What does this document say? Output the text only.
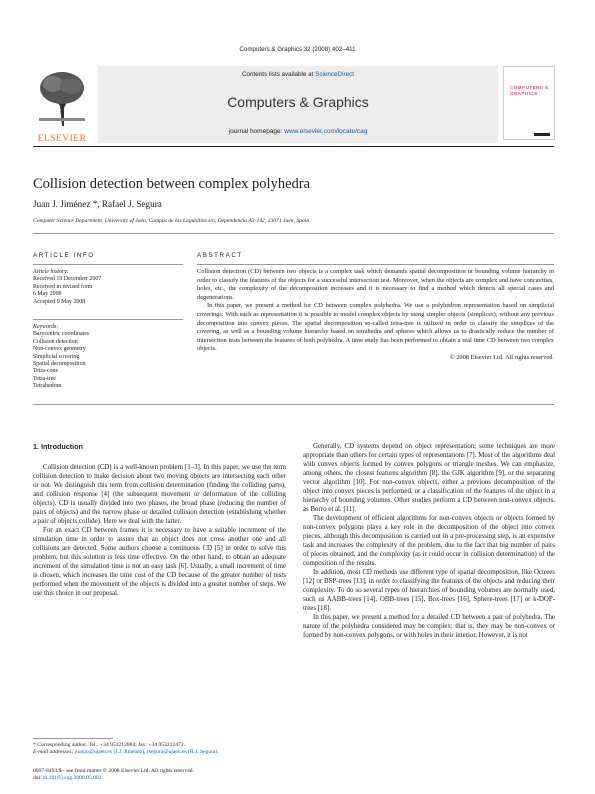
Computers & Graphics 32 (2008) 402–411
ELSEVIER
Contents lists available at ScienceDirect
Computers & Graphics
journal homepage: www.elsevier.com/locate/cag
COMPUTERS & GRAPHICS
Collision detection between complex polyhedra
Juan J. Jiménez *, Rafael J. Segura
Computer Science Department, University of Jaén, Campus de las Lagunillas s/n, Dependencia A3-142, 23071 Jaén, Spain
ARTICLE INFO
Article history:
Received 19 December 2007
Received in revised form
6 May 2008
Accepted 9 May 2008
Keywords:
Barycentric coordinates
Collision detection
Non-convex geometry
Simplicial covering
Spatial decomposition
Tetra-cone
Tetra-tree
Tetrahedron
ABSTRACT

Collision detection (CD) between two objects is a complex task which demands spatial decomposition or bounding volume hierarchy in order to classify the features of the objects for a successful intersection test. Moreover, when the objects are complex and have concavities, holes, etc., the complexity of the decomposition increases and it is necessary to find a method which detects all special cases and degenerations.

In this paper, we present a method for CD between complex polyhedra. We use a polyhedron representation based on simplicial coverings. With such as representation it is possible to model complex objects by using simpler objects (simplices), without any previous decomposition into convex pieces. The spatial decomposition so-called tetra-tree is utilized in order to classify the simplices of the covering, as well as a bounding volume hierarchy based on tetrahedra and spheres which allows us to drastically reduce the number of intersection tests between the features of both polyhedra. A time study has been performed to obtain a real time CD between two complex objects.

© 2008 Elsevier Ltd. All rights reserved.

1. Introduction

Collision detection (CD) is a well-known problem [1–3]. In this paper, we use the term collision detection to make decision about two moving objects are intersecting each other or not. We distinguish this term from collision determination (finding the colliding parts), and collision response [4] (the subsequent movement or deformation of the colliding objects). CD is usually divided into two phases, the broad phase (reducing the number of pairs of objects) and the narrow phase or detailed collision detection (establishing whether a pair of objects collide). Here we deal with the latter.

For an exact CD between frames it is necessary to have a suitable increment of the simulation time in order to assure that an object does not cross another one and all collisions are detected. Some authors choose a continuous CD [5] in order to solve this problem, but this solution is less time effective. On the other hand, to obtain an adequate increment of the simulation time is not an easy task [6]. Usually, a small increment of time is chosen, which increases the time cost of the CD because of the greater number of tests performed when the movement of the objects is divided into a greater number of steps. We use this choice in our proposal.

Generally, CD systems depend on object representation; some techniques are more appropriate than others for certain types of representations [7]. Most of the algorithms deal with convex objects formed by convex polygons or triangle meshes. We can emphasize, among others, the closest features algorithm [8], the GJK algorithm [9], or the separating vector algorithm [10]. For non-convex objects, either a previous decomposition of the object into convex pieces is performed, or a classification of the features of the object in a hierarchy of bounding volumes. Other studies perform a CD between non-convex objects, as Borro et al. [11].

The development of efficient algorithms for non-convex objects or objects formed by non-convex polygons plays a key role in the decomposition of the object into convex pieces, although this decomposition is carried out in a pre-processing step, is an expensive task and increases the complexity of the problem, due to the fact that big number of pairs of pieces obtained, and the complexity (as it could occur in collision determination) of the composition of the results.

In addition, most CD methods use different type of spatial decomposition, like Octrees [12] or BSP-trees [13], in order to classifying the features of the objects and reducing their complexity. To do so several types of hierarchies of bounding volumes are normally used, such us AABB-trees [14], OBB-trees [15], Box-trees [16], Sphere-trees [17] or k-DOP-trees [18].

In this paper, we present a method for a detailed CD between a pair of polyhedra. The nature of the polyhedra considered may be complex; that is, they may be non-convex or formed by non-convex polygons, or with holes in their interior. However, it is not

* Corresponding author. Tel.: +34 953212884; fax: +34 953212472.
E-mail addresses: juanjo@ujaen.es (J.J. Jiménez), rsegura@ujaen.es (R.J. Segura).
0097-8493/$ - see front matter © 2008 Elsevier Ltd. All rights reserved.
doi:10.1016/j.cag.2008.05.002
